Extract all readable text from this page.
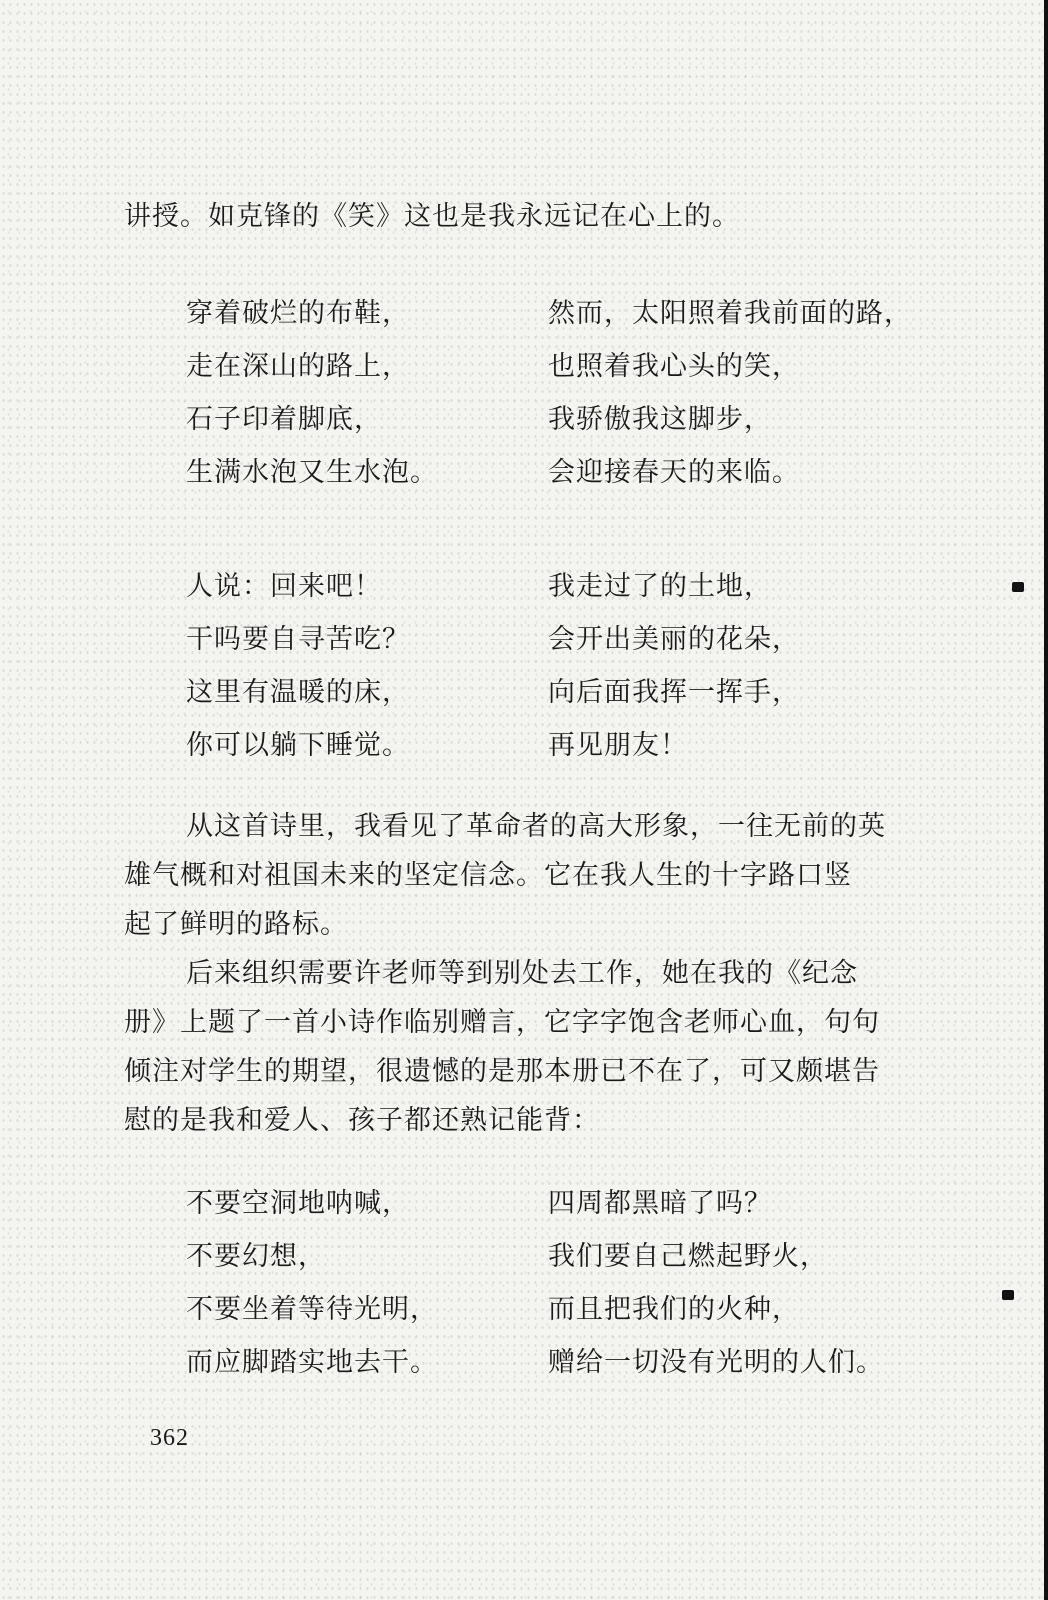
讲授。如克锋的《笑》这也是我永远记在心上的。
穿着破烂的布鞋，
走在深山的路上，
石子印着脚底，
生满水泡又生水泡。
然而，太阳照着我前面的路，
也照着我心头的笑，
我骄傲我这脚步，
会迎接春天的来临。
人说：回来吧！
干吗要自寻苦吃？
这里有温暖的床，
你可以躺下睡觉。
我走过了的土地，
会开出美丽的花朵，
向后面我挥一挥手，
再见朋友！
从这首诗里，我看见了革命者的高大形象，一往无前的英
雄气概和对祖国未来的坚定信念。它在我人生的十字路口竖
起了鲜明的路标。
后来组织需要许老师等到别处去工作，她在我的《纪念
册》上题了一首小诗作临别赠言，它字字饱含老师心血，句句
倾注对学生的期望，很遗憾的是那本册已不在了，可又颇堪告
慰的是我和爱人、孩子都还熟记能背：
不要空洞地呐喊，
不要幻想，
不要坐着等待光明，
而应脚踏实地去干。
四周都黑暗了吗？
我们要自己燃起野火，
而且把我们的火种，
赠给一切没有光明的人们。
362
